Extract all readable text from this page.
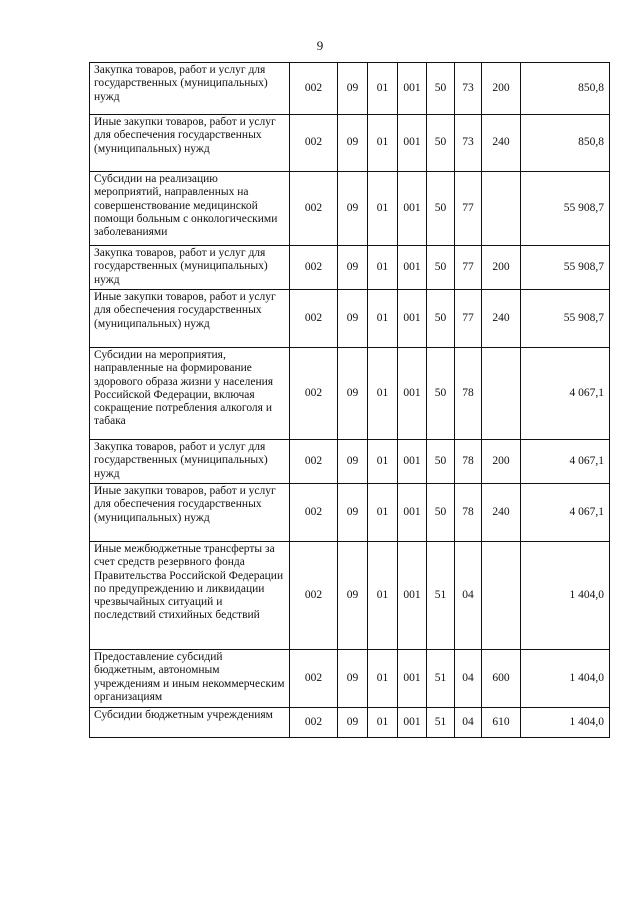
9
Закупка товаров, работ и услуг для государственных (муниципальных) нужд	002	09	01	001	50	73	200	850,8
Иные закупки товаров, работ и услуг для обеспечения государственных (муниципальных) нужд	002	09	01	001	50	73	240	850,8
Субсидии на реализацию мероприятий, направленных на совершенствование медицинской помощи больным с онкологическими заболеваниями	002	09	01	001	50	77		55 908,7
Закупка товаров, работ и услуг для государственных (муниципальных) нужд	002	09	01	001	50	77	200	55 908,7
Иные закупки товаров, работ и услуг для обеспечения государственных (муниципальных) нужд	002	09	01	001	50	77	240	55 908,7
Субсидии на мероприятия, направленные на формирование здорового образа жизни у населения Российской Федерации, включая сокращение потребления алкоголя и табака	002	09	01	001	50	78		4 067,1
Закупка товаров, работ и услуг для государственных (муниципальных) нужд	002	09	01	001	50	78	200	4 067,1
Иные закупки товаров, работ и услуг для обеспечения государственных (муниципальных) нужд	002	09	01	001	50	78	240	4 067,1
Иные межбюджетные трансферты за счет средств резервного фонда Правительства Российской Федерации по предупреждению и ликвидации чрезвычайных ситуаций и последствий стихийных бедствий	002	09	01	001	51	04		1 404,0
Предоставление субсидий бюджетным, автономным учреждениям и иным некоммерческим организациям	002	09	01	001	51	04	600	1 404,0
Субсидии бюджетным учреждениям	002	09	01	001	51	04	610	1 404,0
